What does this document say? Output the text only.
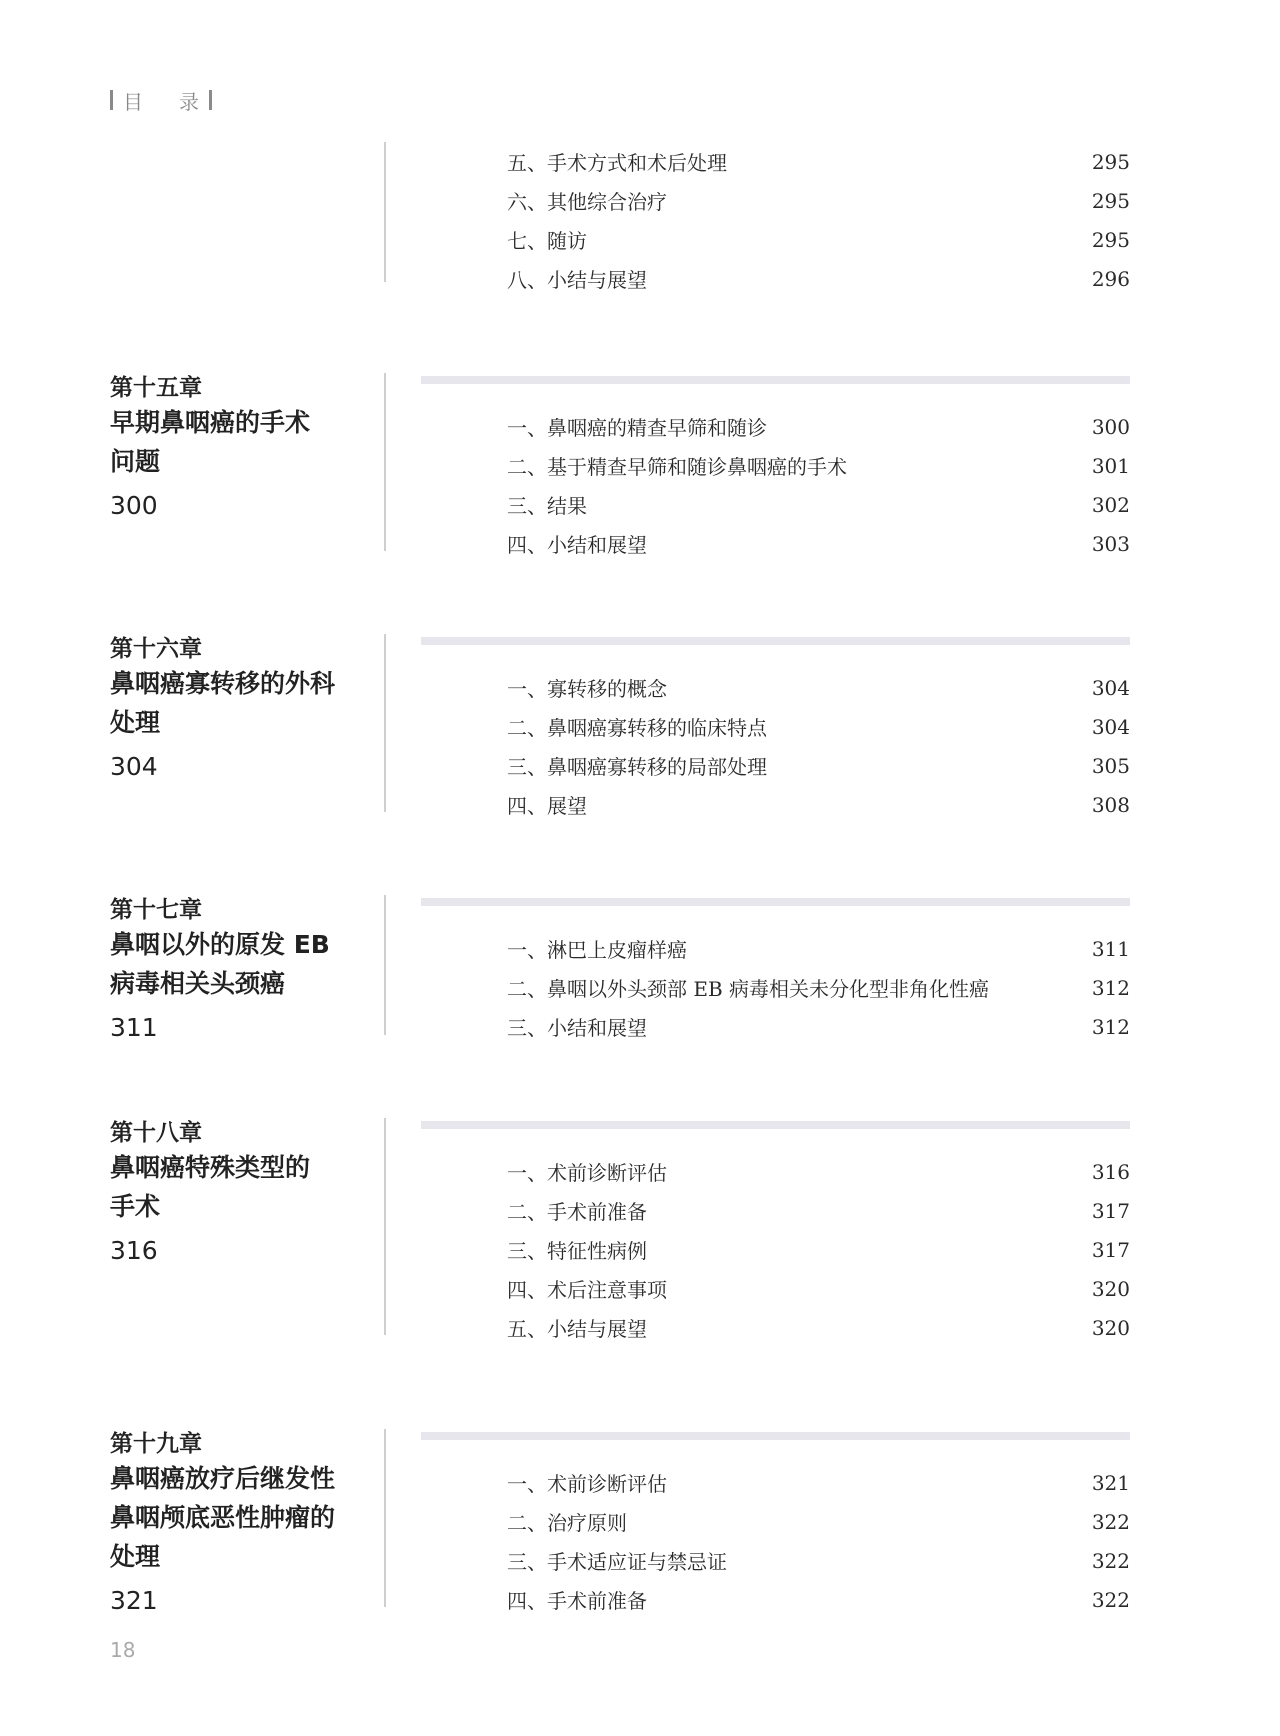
目 录
五、手术方式和术后处理	295
六、其他综合治疗	295
七、随访	295
八、小结与展望	296
第十五章
早期鼻咽癌的手术
问题
300
一、鼻咽癌的精查早筛和随诊	300
二、基于精查早筛和随诊鼻咽癌的手术	301
三、结果	302
四、小结和展望	303
第十六章
鼻咽癌寡转移的外科
处理
304
一、寡转移的概念	304
二、鼻咽癌寡转移的临床特点	304
三、鼻咽癌寡转移的局部处理	305
四、展望	308
第十七章
鼻咽以外的原发 EB
病毒相关头颈癌
311
一、淋巴上皮瘤样癌	311
二、鼻咽以外头颈部 EB 病毒相关未分化型非角化性癌	312
三、小结和展望	312
第十八章
鼻咽癌特殊类型的
手术
316
一、术前诊断评估	316
二、手术前准备	317
三、特征性病例	317
四、术后注意事项	320
五、小结与展望	320
第十九章
鼻咽癌放疗后继发性
鼻咽颅底恶性肿瘤的
处理
321
一、术前诊断评估	321
二、治疗原则	322
三、手术适应证与禁忌证	322
四、手术前准备	322
18
